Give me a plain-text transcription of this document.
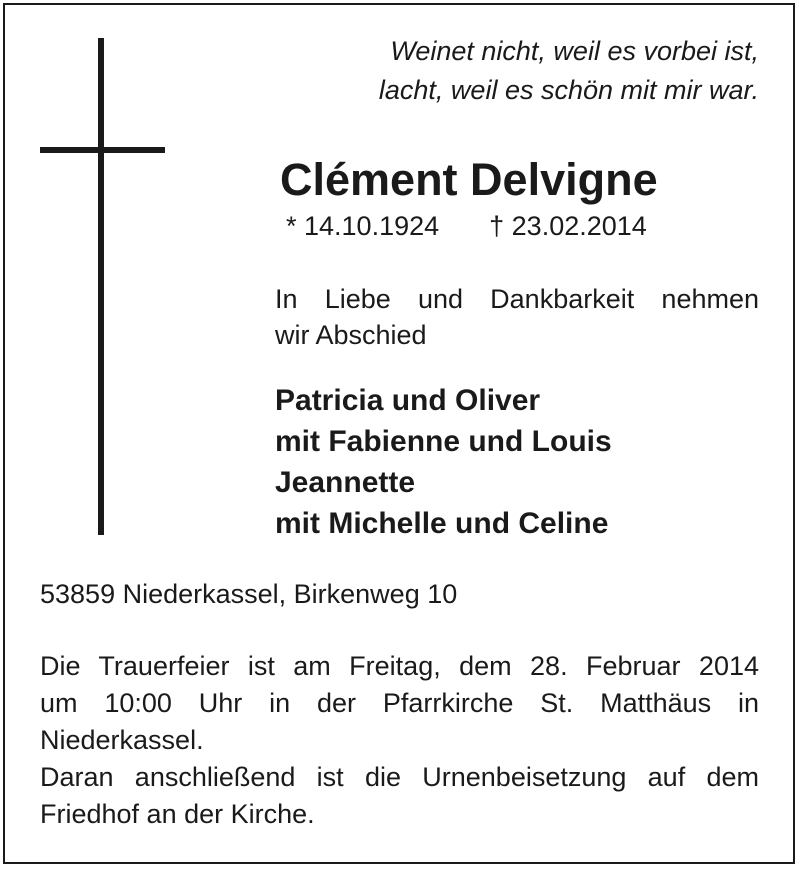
Weinet nicht, weil es vorbei ist,
lacht, weil es schön mit mir war.
Clément Delvigne
* 14.10.1924 † 23.02.2014
In Liebe und Dankbarkeit nehmen
wir Abschied
Patricia und Oliver
mit Fabienne und Louis
Jeannette
mit Michelle und Celine
53859 Niederkassel, Birkenweg 10
Die Trauerfeier ist am Freitag, dem 28. Februar 2014
um 10:00 Uhr in der Pfarrkirche St. Matthäus in
Niederkassel.
Daran anschließend ist die Urnenbeisetzung auf dem
Friedhof an der Kirche.
